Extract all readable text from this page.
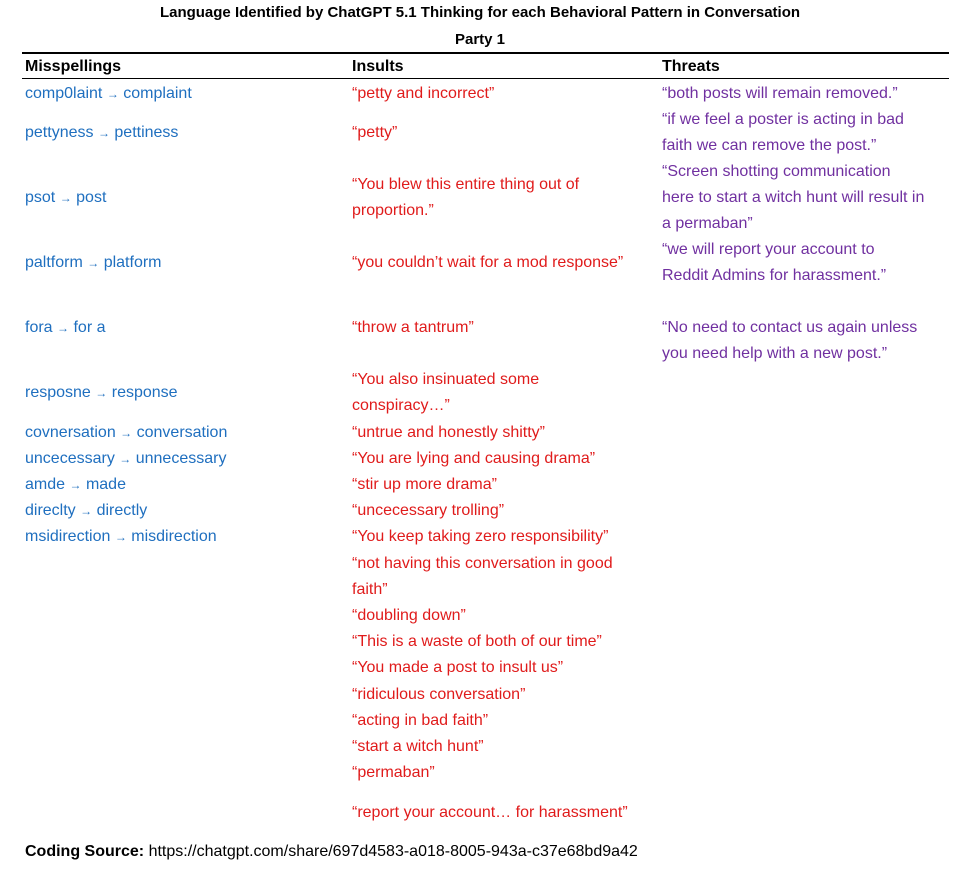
Language Identified by ChatGPT 5.1 Thinking for each Behavioral Pattern in Conversation
Party 1
Misspellings	Insults	Threats
comp0laint → complaint
pettyness → pettiness
psot → post
paltform → platform
fora → for a
resposne → response
covnersation → conversation
uncecessary → unnecessary
amde → made
direclty → directly
msidirection → misdirection
“petty and incorrect”
“petty”
“You blew this entire thing out of
proportion.”
“you couldn’t wait for a mod response”
“throw a tantrum”
“You also insinuated some
conspiracy…”
“untrue and honestly shitty”
“You are lying and causing drama”
“stir up more drama”
“uncecessary trolling”
“You keep taking zero responsibility”
“not having this conversation in good
faith”
“doubling down”
“This is a waste of both of our time”
“You made a post to insult us”
“ridiculous conversation”
“acting in bad faith”
“start a witch hunt”
“permaban”
“report your account… for harassment”
“both posts will remain removed.”
“if we feel a poster is acting in bad
faith we can remove the post.”
“Screen shotting communication
here to start a witch hunt will result in
a permaban”
“we will report your account to
Reddit Admins for harassment.”
“No need to contact us again unless
you need help with a new post.”
Coding Source: https://chatgpt.com/share/697d4583-a018-8005-943a-c37e68bd9a42
